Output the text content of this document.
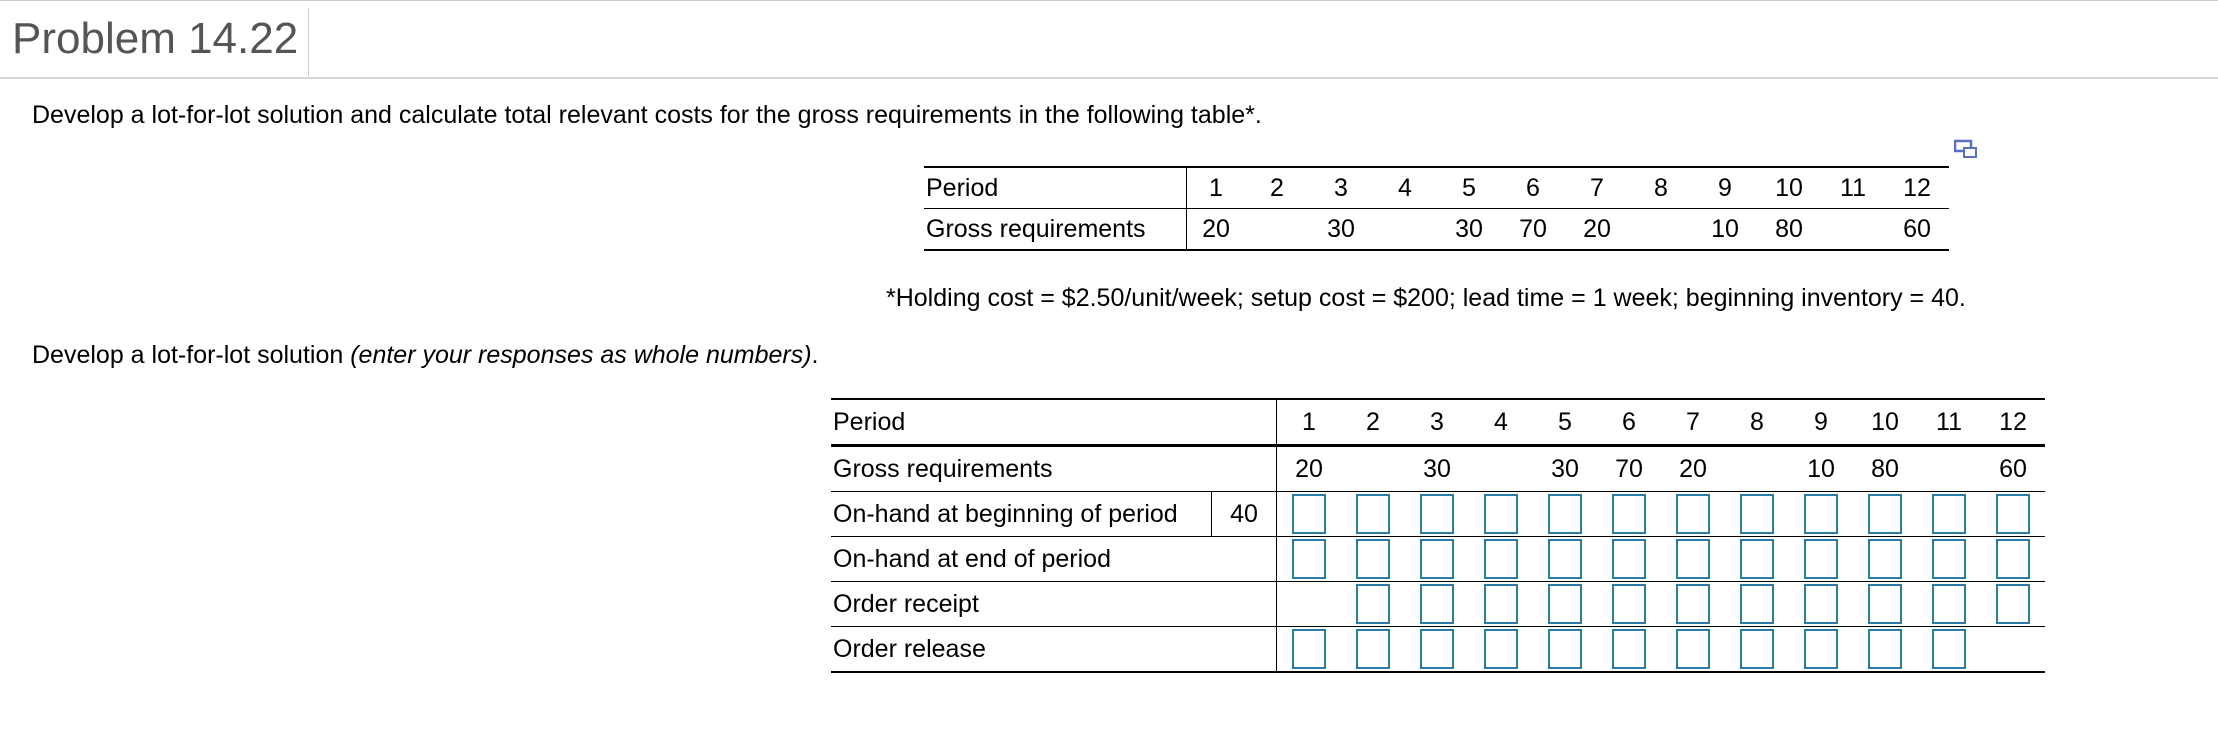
Problem 14.22
Develop a lot-for-lot solution and calculate total relevant costs for the gross requirements in the following table*.
Period	1	2	3	4	5	6	7	8	9	10	11	12
Gross requirements	20		30		30	70	20		10	80		60
*Holding cost = $2.50/unit/week; setup cost = $200; lead time = 1 week; beginning inventory = 40.
Develop a lot-for-lot solution (enter your responses as whole numbers).
Period		1	2	3	4	5	6	7	8	9	10	11	12
Gross requirements		20		30		30	70	20		10	80		60
On-hand at beginning of period	40												
On-hand at end of period													
Order receipt													
Order release													
